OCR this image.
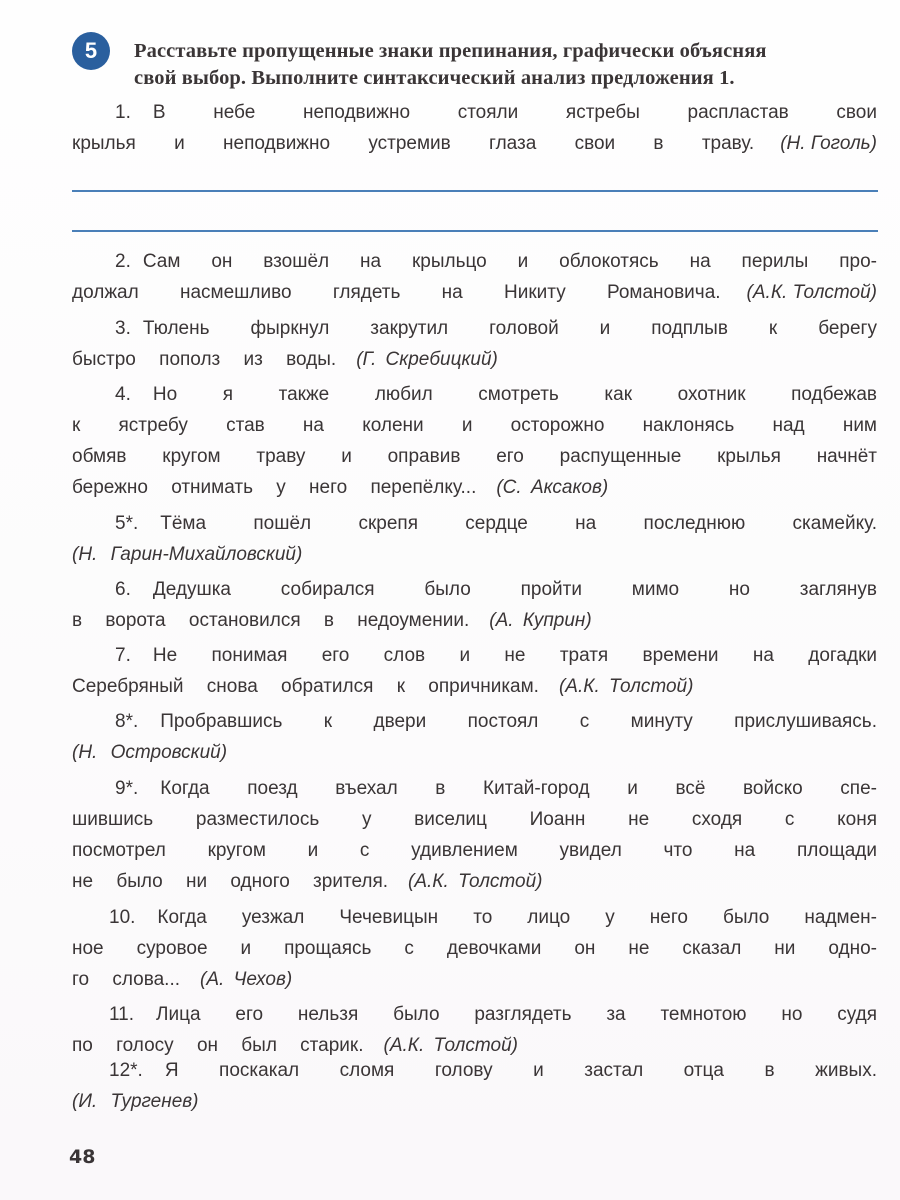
5	Расставьте пропущенные знаки препинания, графически объясняя
свой выбор. Выполните синтаксический анализ предложения 1.
1. В небе неподвижно стояли ястребы распластав свои
крылья и неподвижно устремив глаза свои в траву. (Н. Гоголь)
2. Сам он взошёл на крыльцо и облокотясь на перилы про-
должал насмешливо глядеть на Никиту Романовича. (А.К. Толстой)
3. Тюлень фыркнул закрутил головой и подплыв к берегу
быстро пополз из воды. (Г. Скребицкий)
4. Но я также любил смотреть как охотник подбежав
к ястребу став на колени и осторожно наклонясь над ним
обмяв кругом траву и оправив его распущенные крылья начнёт
бережно отнимать у него перепёлку... (С. Аксаков)
5*. Тёма пошёл скрепя сердце на последнюю скамейку.
(Н. Гарин-Михайловский)
6. Дедушка собирался было пройти мимо но заглянув
в ворота остановился в недоумении. (А. Куприн)
7. Не понимая его слов и не тратя времени на догадки
Серебряный снова обратился к опричникам. (А.К. Толстой)
8*. Пробравшись к двери постоял с минуту прислушиваясь.
(Н. Островский)
9*. Когда поезд въехал в Китай-город и всё войско спе-
шившись разместилось у виселиц Иоанн не сходя с коня
посмотрел кругом и с удивлением увидел что на площади
не было ни одного зрителя. (А.К. Толстой)
10. Когда уезжал Чечевицын то лицо у него было надмен-
ное суровое и прощаясь с девочками он не сказал ни одно-
го слова... (А. Чехов)
11. Лица его нельзя было разглядеть за темнотою но судя
по голосу он был старик. (А.К. Толстой)
12*. Я поскакал сломя голову и застал отца в живых.
(И. Тургенев)
48
